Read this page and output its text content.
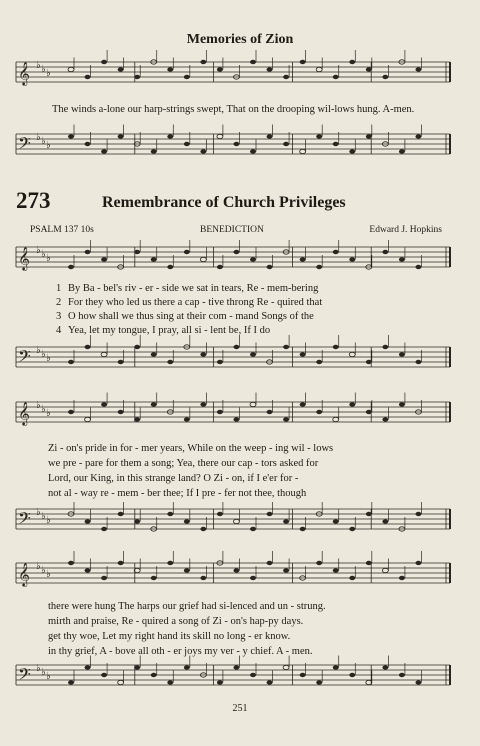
𝄞 ♭ ♭ ♭
𝄢 ♭ ♭ ♭
𝄞 ♭ ♭ ♭
𝄢 ♭ ♭ ♭
𝄞 ♭ ♭ ♭
𝄢 ♭ ♭ ♭
𝄞 ♭ ♭ ♭
𝄢 ♭ ♭ ♭
Memories of Zion
The winds a-lone our harp-strings swept, That on the drooping wil-lows hung. A-men.
273	Remembrance of Church Privileges
PSALM 137 10s	BENEDICTION	Edward J. Hopkins
1 By Ba - bel's riv - er - side we sat in tears, Re - mem-bering
2 For they who led us there a cap - tive throng Re - quired that
3 O how shall we thus sing at their com - mand Songs of the
4 Yea, let my tongue, I pray, all si - lent be, If I do
Zi - on's pride in for - mer years, While on the weep - ing wil - lows
we pre - pare for them a song; Yea, there our cap - tors asked for
Lord, our King, in this strange land? O Zi - on, if I e'er for -
not al - way re - mem - ber thee; If I pre - fer not thee, though
there were hung The harps our grief had si-lenced and un - strung.
mirth and praise, Re - quired a song of Zi - on's hap-py days.
get thy woe, Let my right hand its skill no long - er know.
in thy grief, A - bove all oth - er joys my ver - y chief. A - men.
251
